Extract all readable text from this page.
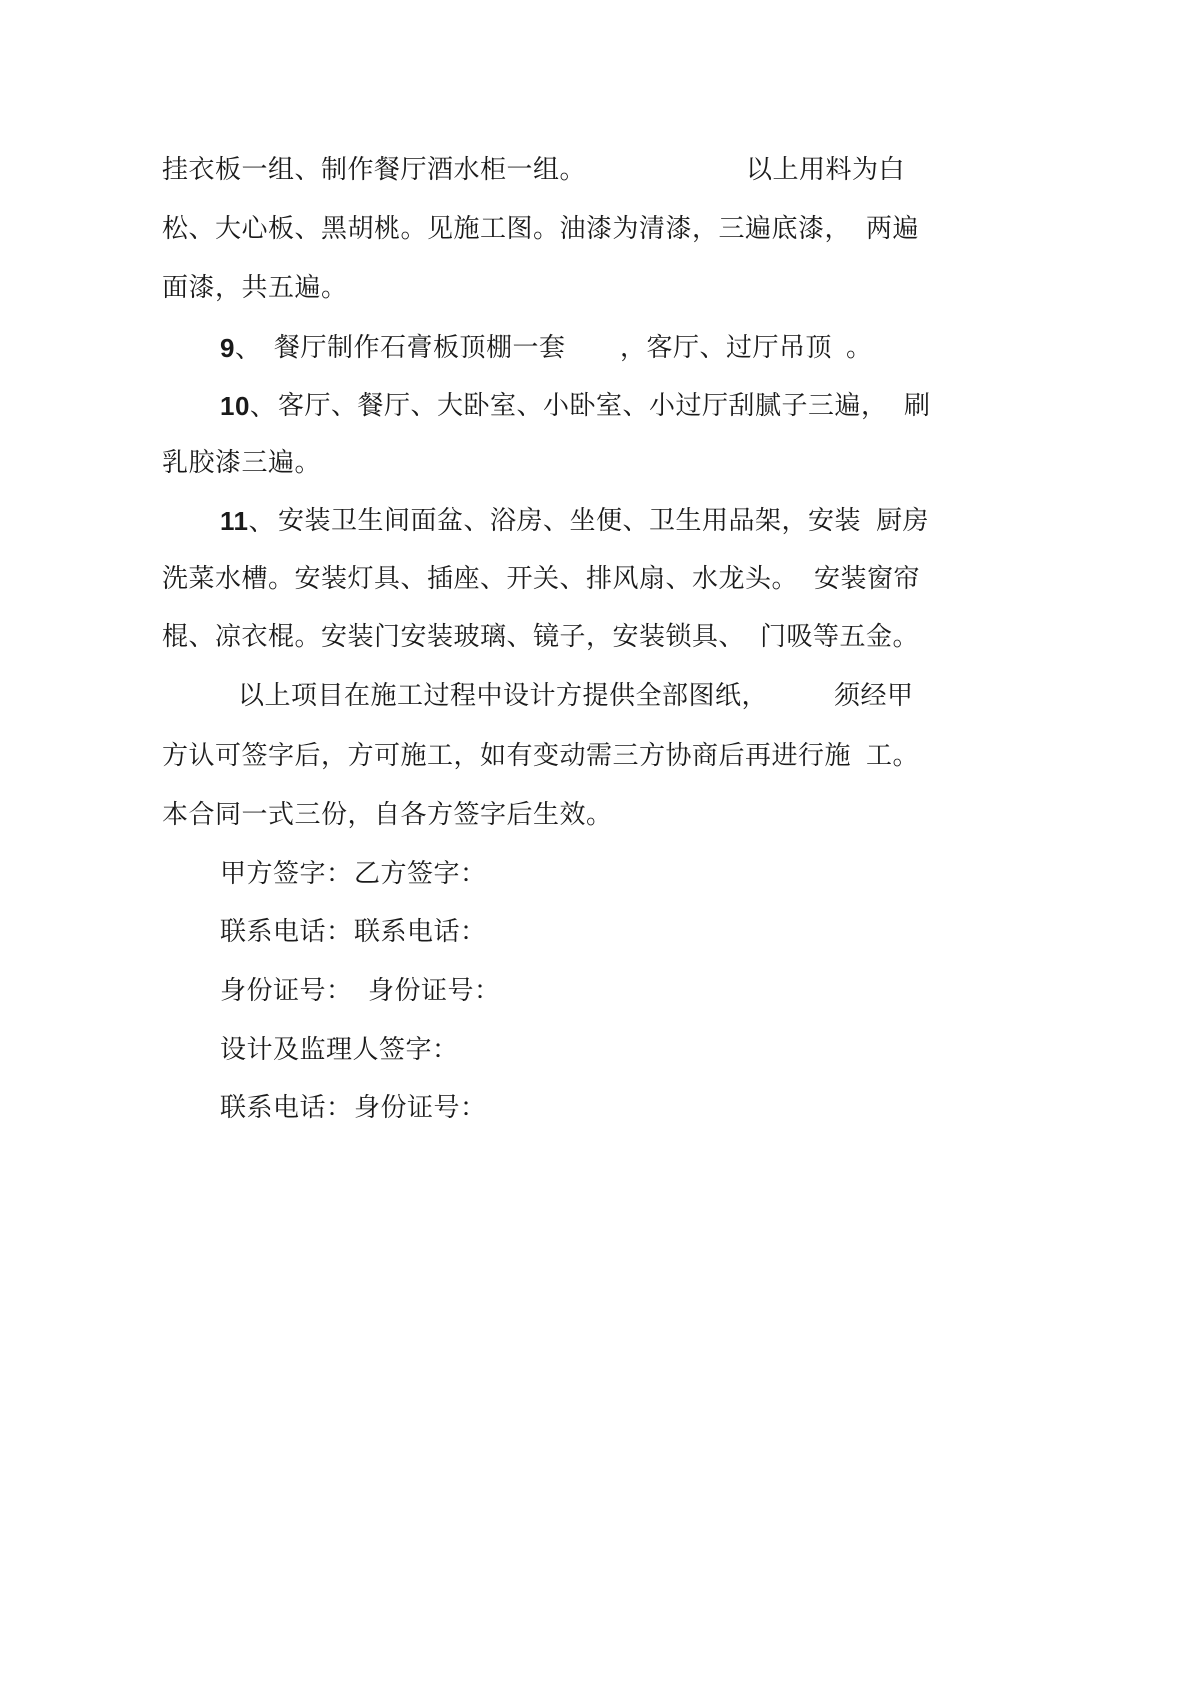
挂衣板一组、制作餐厅酒水柜一组。	以上用料为白
松、大心板、黑胡桃。见施工图。油漆为清漆，三遍底漆， 两遍
面漆，共五遍。
9、 餐厅制作石膏板顶棚一套 ，客厅、过厅吊顶 。
10、 客厅、餐厅、大卧室、小卧室、小过厅刮腻子三遍， 刷
乳胶漆三遍。
11、 安装卫生间面盆、浴房、坐便、卫生用品架，安装 厨房
洗菜水槽。安装灯具、插座、开关、排风扇、水龙头。 安装窗帘
棍、凉衣棍。安装门安装玻璃、镜子，安装锁具、 门吸等五金。
以上项目在施工过程中设计方提供全部图纸，	须经甲
方认可签字后，方可施工，如有变动需三方协商后再进行施 工。
本合同一式三份，自各方签字后生效。
甲方签字： 乙方签字：
联系电话： 联系电话：
身份证号： 身份证号：
设计及监理人签字：
联系电话： 身份证号：
